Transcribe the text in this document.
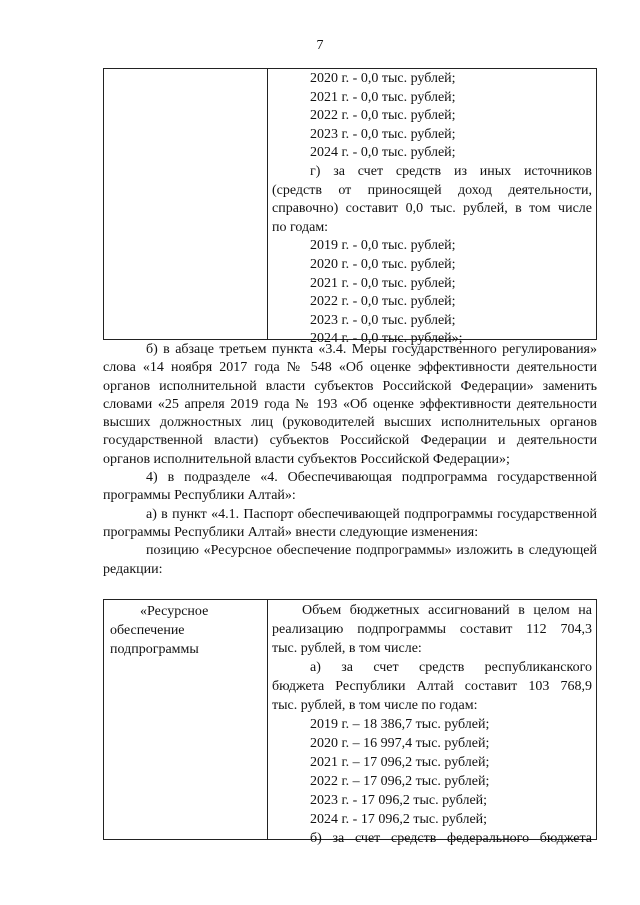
7
2020 г. - 0,0 тыс. рублей;
2021 г. - 0,0 тыс. рублей;
2022 г. - 0,0 тыс. рублей;
2023 г. - 0,0 тыс. рублей;
2024 г. - 0,0 тыс. рублей;
г) за счет средств из иных источников
(средств от приносящей доход деятельности,
справочно) составит 0,0 тыс. рублей, в том числе
по годам:
2019 г. - 0,0 тыс. рублей;
2020 г. - 0,0 тыс. рублей;
2021 г. - 0,0 тыс. рублей;
2022 г. - 0,0 тыс. рублей;
2023 г. - 0,0 тыс. рублей;
2024 г. - 0,0 тыс. рублей»;

б) в абзаце третьем пункта «3.4. Меры государственного регулирования» слова «14 ноября 2017 года № 548 «Об оценке эффективности деятельности органов исполнительной власти субъектов Российской Федерации» заменить словами «25 апреля 2019 года № 193 «Об оценке эффективности деятельности высших должностных лиц (руководителей высших исполнительных органов государственной власти) субъектов Российской Федерации и деятельности органов исполнительной власти субъектов Российской Федерации»;

4) в подразделе «4. Обеспечивающая подпрограмма государственной программы Республики Алтай»:

а) в пункт «4.1. Паспорт обеспечивающей подпрограммы государственной программы Республики Алтай» внести следующие изменения:

позицию «Ресурсное обеспечение подпрограммы» изложить в следующей редакции:

«Ресурсное
обеспечение
подпрограммы
Объем бюджетных ассигнований в целом на
реализацию подпрограммы составит 112 704,3
тыс. рублей, в том числе:
а) за счет средств республиканского
бюджета Республики Алтай составит 103 768,9
тыс. рублей, в том числе по годам:
2019 г. – 18 386,7 тыс. рублей;
2020 г. – 16 997,4 тыс. рублей;
2021 г. – 17 096,2 тыс. рублей;
2022 г. – 17 096,2 тыс. рублей;
2023 г. - 17 096,2 тыс. рублей;
2024 г. - 17 096,2 тыс. рублей;
б) за счет средств федерального бюджета
